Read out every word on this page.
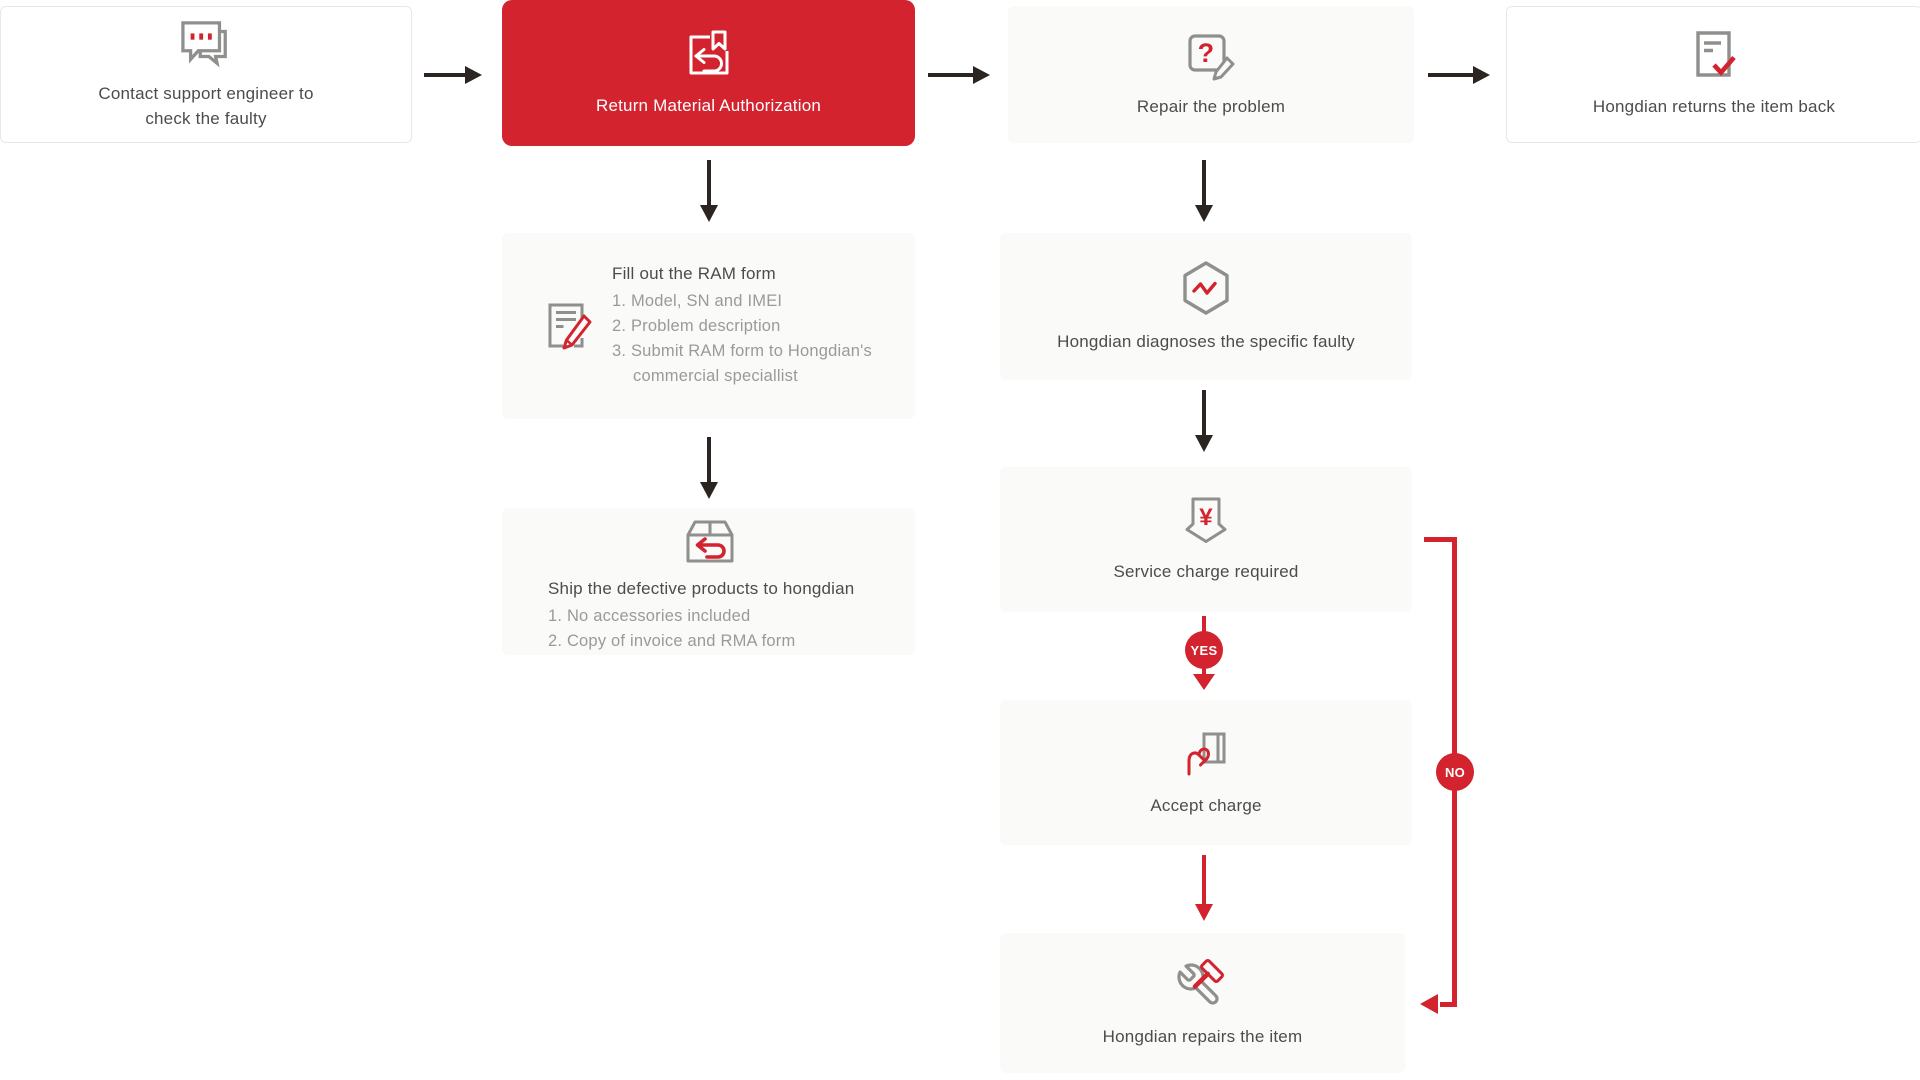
Contact support engineer to
check the faulty
Return Material Authorization
?
Repair the problem	Hongdian returns the item back
Fill out the RAM form
1. Model, SN and IMEI
2. Problem description
3. Submit RAM form to Hongdian's commercial speciallist
Ship the defective products to hongdian
1. No accessories included
2. Copy of invoice and RMA form
Hongdian diagnoses the specific faulty
¥
Service charge required
YES
Accept charge
Hongdian repairs the item
NO
